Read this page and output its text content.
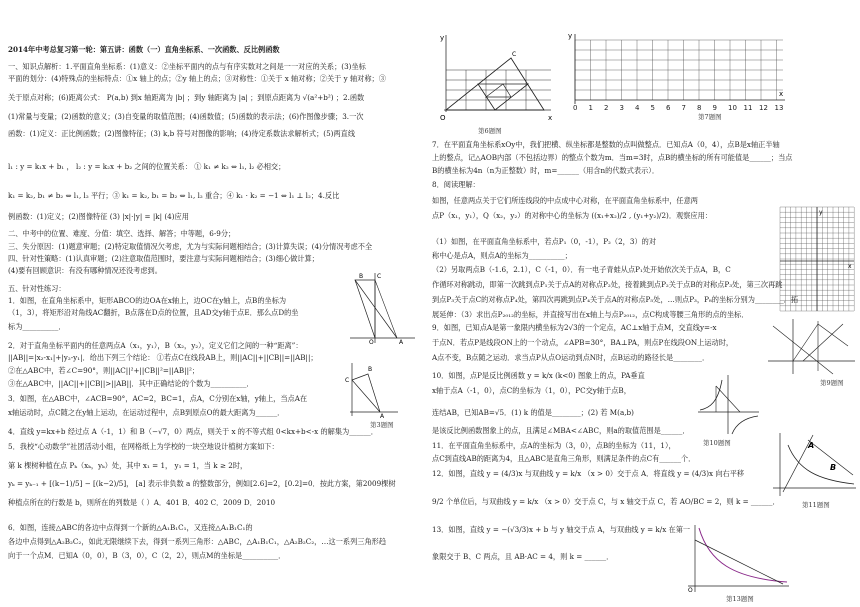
2014年中考总复习第一轮：第五讲：函数（一）直角坐标系、一次函数、反比例函数
一、知识点解析：1.平面直角坐标系：(1)意义：②坐标平面内的点与有序实数对之间是一一对应的关系；(3)坐标
平面的划分：(4)特殊点的坐标特点：①x 轴上的点；②y 轴上的点；③对称性：①关于 x 轴对称；②关于 y 轴对称；③
关于原点对称；(6)距离公式： P(a,b) 到x 轴距离为 |b| ；到y 轴距离为 |a| ；到原点距离为 √(a²+b²) ；2.函数
(1)常量与变量；(2)函数的意义；(3)自变量的取值范围；(4)函数值；(5)函数的表示法；(6)作图像步骤；3.一次
函数：(1)定义：正比例函数；(2)图像特征；(3) k,b 符号对图像的影响；(4)待定系数法求解析式；(5)两直线
l₁ : y = k₁x + b₁ ， l₂ : y = k₂x + b₂ 之间的位置关系： ① k₁ ≠ k₂ ⇔ l₁, l₂ 必相交；
k₁ = k₂, b₁ ≠ b₂ ⇔ l₁, l₂ 平行；③ k₁ = k₂, b₁ = b₂ ⇔ l₁, l₂ 重合；④ k₁ · k₂ = −1 ⇔ l₁ ⊥ l₂；4.反比
例函数：(1)定义；(2)图像特征 (3) |x|·|y| = |k| (4)应用
二、中考中的位置、难度、分值：填空、选择、解答；中等题，6-9分；
三、失分原因：(1)题意审题；(2)特定取值情况欠考虑，尤为与实际问题相结合；(3)计算失误；(4)分情况考虑不全
四、针对性策略：(1)认真审题；(2)注意取值范围时，要注意与实际问题相结合；(3)细心做计算；
(4)要有回顾意识：有没有哪种情况还没考虑到。
五、针对性练习：
1．如图，在直角坐标系中，矩形ABCO的边OA在x轴上，边OC在y轴上，点B的坐标为
（1，3），将矩形沿对角线AC翻折，B点落在D点的位置，且AD交y轴于点E．那么点D的坐
标为__________．
2．对于直角坐标平面内的任意两点A（x₁，y₁），B（x₂，y₂），定义它们之间的一种“距离”：
||AB||=|x₂-x₁|+|y₂-y₁|．给出下列三个结论： ①若点C在线段AB上，则||AC||+||CB||=||AB||；
②在△ABC中，若∠C=90°，则||AC||²+||CB||²=||AB||²；
③在△ABC中，||AC||+||CB||>||AB||．其中正确结论的个数为__________．
3．如图，在△ABC中，∠ACB=90°，AC=2，BC=1，点A，C分别在x轴，y轴上，当点A在
x轴运动时，点C随之在y轴上运动，在运动过程中，点B到原点O的最大距离为______．
4．直线 y=kx+b 经过点 A（-1，1）和 B（−√7，0）两点，则关于 x 的不等式组 0<kx+b<-x 的解集为______．
5．我校“心动数学”社团活动小组，在网格纸上为学校的一块空地设计植树方案如下：
第 k 棵树种植在点 Pₖ（xₖ，yₖ）处，其中 x₁ = 1， y₁ = 1，当 k ≥ 2时，
yₖ = yₖ₋₁ + [(k−1)/5] − [(k−2)/5]， [a] 表示非负数 a 的整数部分，例如[2.6]=2，[0.2]=0．按此方案，第2009棵树
种植点所在的行数是 b，则所在的列数是（ ）A．401 B．402 C．2009 D．2010
6．如图，连接△ABC的各边中点得到一个新的△A₁B₁C₁，又连接△A₁B₁C₁的
各边中点得到△A₂B₂C₂，如此无限继续下去，得到一系列三角形：△ABC，△A₁B₁C₁，△A₂B₂C₂，…这一系列三角形趋
向于一个点M．已知A（0，0），B（3，0），C（2，2），则点M的坐标是__________．
y
x
O
C
第6题图
0 1 2 3 4 5 6 7 8 9 10 11 12 13
y
x
第7题图
y
x
第9题图
第10题图	A
B
第11题图
O
第13题图
7．在平面直角坐标系xOy中，我们把横、纵坐标都是整数的点叫做整点．已知点A（0，4），点B是x轴正半轴
上的整点，记△AOB内部（不包括边界）的整点个数为m．当m=3时，点B的横坐标的所有可能值是______；当点
B的横坐标为4n（n为正整数）时，m=______（用含n的代数式表示）．
8．阅读理解：
如图，任意两点关于它们所连线段的中点成中心对称，在平面直角坐标系中，任意两
点P（x₁，y₁），Q（x₂，y₂）的对称中心的坐标为 ((x₁+x₂)/2 , (y₁+y₂)/2)．观察应用：
（1）如图，在平面直角坐标系中，若点P₁（0，-1），P₂（2，3）的对
称中心是点A，则点A的坐标为__________；
（2）另取两点B（-1.6，2.1），C（-1，0）．有一电子青蛙从点P₁处开始依次关于点A，B，C
作循环对称跳动，即第一次跳到点P₁关于点A的对称点P₂处，接着跳到点P₂关于点B的对称点P₃处，第三次再跳
到点P₃关于点C的对称点P₄处，第四次再跳到点P₄关于点A的对称点P₅处，…则点P₃，P₈的坐标分别为________．拓
展延伸：（3）求出点P₂₀₁₂的坐标，并直接写出在x轴上与点P₂₀₁₂，点C构成等腰三角形的点的坐标．
9．如图，已知点A是第一象限内横坐标为2√3的一个定点，AC⊥x轴于点M，交直线y=-x
于点N．若点P是线段ON上的一个动点，∠APB=30°，BA⊥PA，则点P在线段ON上运动时，
A点不变，B点随之运动．求当点P从点O运动到点N时，点B运动的路径长是________．
10．如图，点P是反比例函数 y = k/x (k<0) 图象上的点，PA垂直
x轴于点A（-1，0），点C的坐标为（1，0），PC交y轴于点B，
连结AB，已知AB=√5．(1) k 的值是________；(2) 若 M(a,b)
是该反比例函数图象上的点，且满足∠MBA<∠ABC，则a的取值范围是______．
11．在平面直角坐标系中，点A的坐标为（3，0），点B的坐标为（11，1），
点C到直线AB的距离为4，且△ABC是直角三角形，则满足条件的点C有______个．
12．如图，直线 y = (4/3)x 与双曲线 y = k/x （x > 0）交于点 A．将直线 y = (4/3)x 向右平移
9/2 个单位后，与双曲线 y = k/x （x > 0）交于点 C，与 x 轴交于点 C，若 AO/BC = 2，则 k = ______．
13．如图，直线 y = −(√3/3)x + b 与 y 轴交于点 A，与双曲线 y = k/x 在第一
象限交于 B、C 两点，且 AB·AC = 4，则 k = ______．
B C
A
O
B
C
A
第3题图
